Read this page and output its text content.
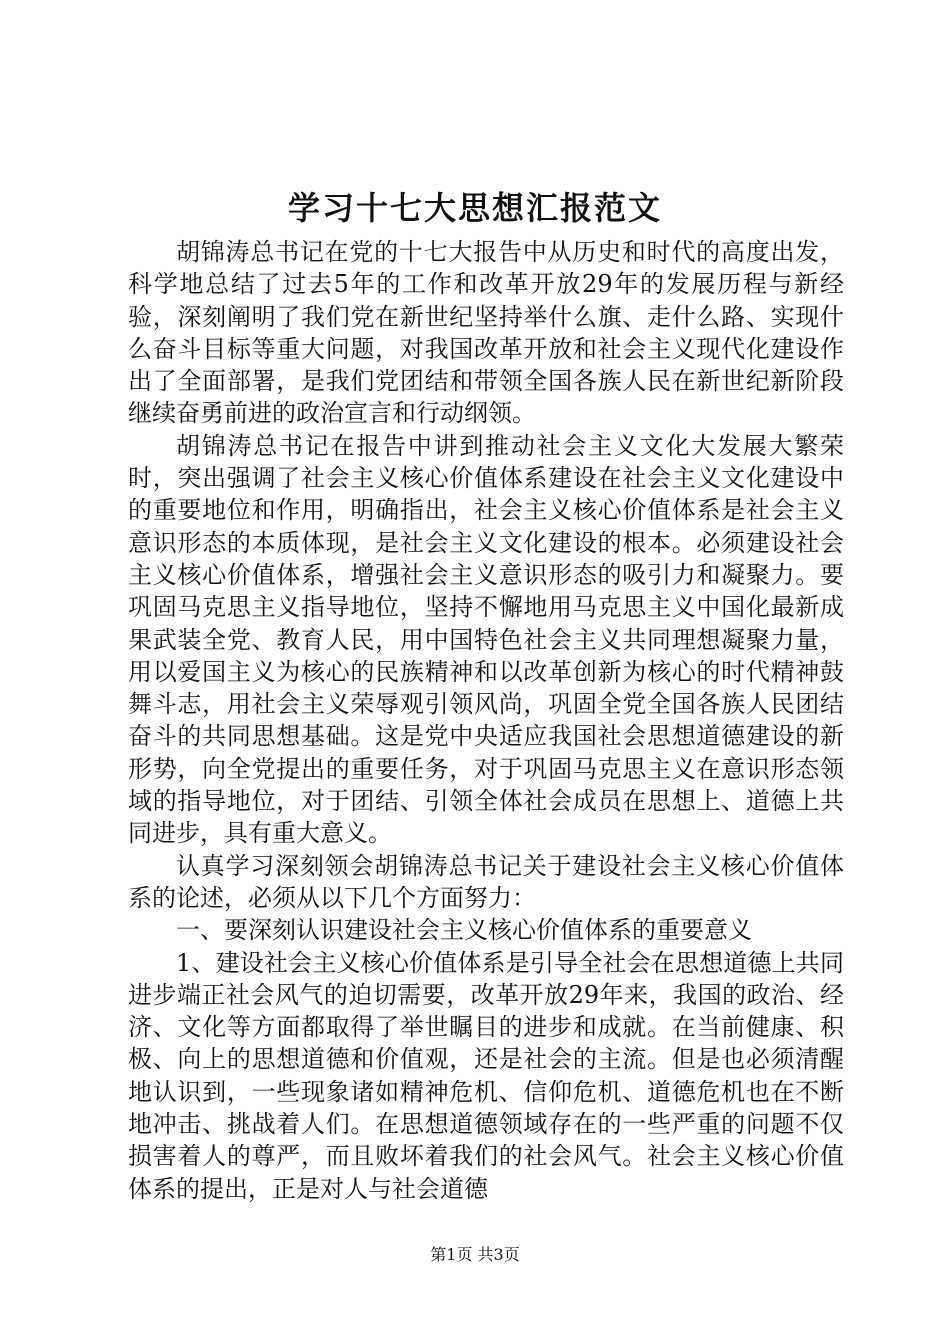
学习十七大思想汇报范文

胡锦涛总书记在党的十七大报告中从历史和时代的高度出发，科学地总结了过去5年的工作和改革开放29年的发展历程与新经验，深刻阐明了我们党在新世纪坚持举什么旗、走什么路、实现什么奋斗目标等重大问题，对我国改革开放和社会主义现代化建设作出了全面部署，是我们党团结和带领全国各族人民在新世纪新阶段继续奋勇前进的政治宣言和行动纲领。

胡锦涛总书记在报告中讲到推动社会主义文化大发展大繁荣时，突出强调了社会主义核心价值体系建设在社会主义文化建设中的重要地位和作用，明确指出，社会主义核心价值体系是社会主义意识形态的本质体现，是社会主义文化建设的根本。必须建设社会主义核心价值体系，增强社会主义意识形态的吸引力和凝聚力。要巩固马克思主义指导地位，坚持不懈地用马克思主义中国化最新成果武装全党、教育人民，用中国特色社会主义共同理想凝聚力量，用以爱国主义为核心的民族精神和以改革创新为核心的时代精神鼓舞斗志，用社会主义荣辱观引领风尚，巩固全党全国各族人民团结奋斗的共同思想基础。这是党中央适应我国社会思想道德建设的新形势，向全党提出的重要任务，对于巩固马克思主义在意识形态领域的指导地位，对于团结、引领全体社会成员在思想上、道德上共同进步，具有重大意义。

认真学习深刻领会胡锦涛总书记关于建设社会主义核心价值体系的论述，必须从以下几个方面努力：

一、要深刻认识建设社会主义核心价值体系的重要意义

1、建设社会主义核心价值体系是引导全社会在思想道德上共同进步端正社会风气的迫切需要，改革开放29年来，我国的政治、经济、文化等方面都取得了举世瞩目的进步和成就。在当前健康、积极、向上的思想道德和价值观，还是社会的主流。但是也必须清醒地认识到，一些现象诸如精神危机、信仰危机、道德危机也在不断地冲击、挑战着人们。在思想道德领域存在的一些严重的问题不仅损害着人的尊严，而且败坏着我们的社会风气。社会主义核心价值体系的提出，正是对人与社会道德

第1页 共3页
